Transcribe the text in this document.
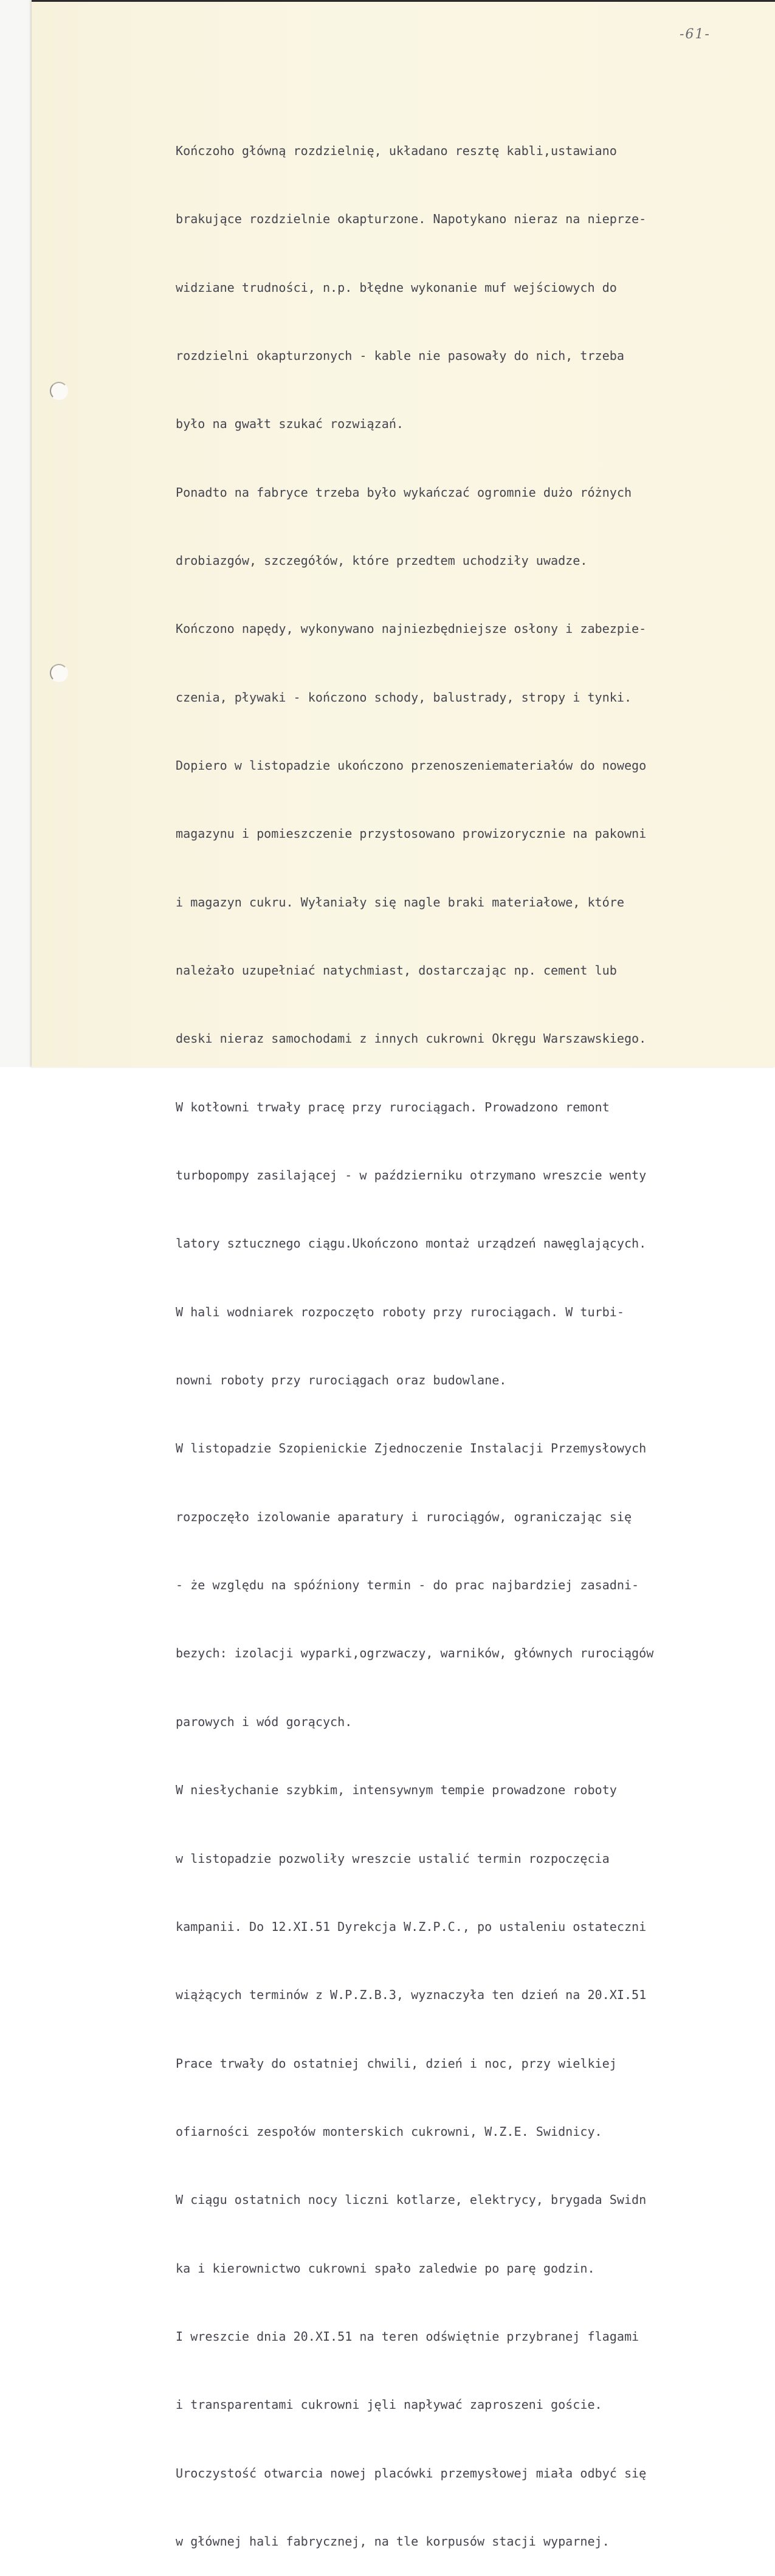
-61-

Kończoho główną rozdzielnię, układano resztę kabli,ustawiano

brakujące rozdzielnie okapturzone. Napotykano nieraz na nieprze-

widziane trudności, n.p. błędne wykonanie muf wejściowych do

rozdzielni okapturzonych - kable nie pasowały do nich, trzeba

było na gwałt szukać rozwiązań.

Ponadto na fabryce trzeba było wykańczać ogromnie dużo różnych

drobiazgów, szczegółów, które przedtem uchodziły uwadze.

Kończono napędy, wykonywano najniezbędniejsze osłony i zabezpie-

czenia, pływaki - kończono schody, balustrady, stropy i tynki.

Dopiero w listopadzie ukończono przenoszeniemateriałów do nowego

magazynu i pomieszczenie przystosowano prowizorycznie na pakowni

i magazyn cukru. Wyłaniały się nagle braki materiałowe, które

należało uzupełniać natychmiast, dostarczając np. cement lub

deski nieraz samochodami z innych cukrowni Okręgu Warszawskiego.

W kotłowni trwały pracę przy rurociągach. Prowadzono remont

turbopompy zasilającej - w październiku otrzymano wreszcie wenty

latory sztucznego ciągu.Ukończono montaż urządzeń nawęglających.

W hali wodniarek rozpoczęto roboty przy rurociągach. W turbi-

nowni roboty przy rurociągach oraz budowlane.

W listopadzie Szopienickie Zjednoczenie Instalacji Przemysłowych

rozpoczęło izolowanie aparatury i rurociągów, ograniczając się

- że względu na spóźniony termin - do prac najbardziej zasadni-

bezych: izolacji wyparki,ogrzwaczy, warników, głównych rurociągów

parowych i wód gorących.

W niesłychanie szybkim, intensywnym tempie prowadzone roboty

w listopadzie pozwoliły wreszcie ustalić termin rozpoczęcia

kampanii. Do 12.XI.51 Dyrekcja W.Z.P.C., po ustaleniu ostateczni

wiążących terminów z W.P.Z.B.3, wyznaczyła ten dzień na 20.XI.51

Prace trwały do ostatniej chwili, dzień i noc, przy wielkiej

ofiarności zespołów monterskich cukrowni, W.Z.E. Swidnicy.

W ciągu ostatnich nocy liczni kotlarze, elektrycy, brygada Swidn

ka i kierownictwo cukrowni spało zaledwie po parę godzin.

I wreszcie dnia 20.XI.51 na teren odświętnie przybranej flagami

i transparentami cukrowni jęli napływać zaproszeni goście.

Uroczystość otwarcia nowej placówki przemysłowej miała odbyć się

w głównej hali fabrycznej, na tle korpusów stacji wyparnej.
